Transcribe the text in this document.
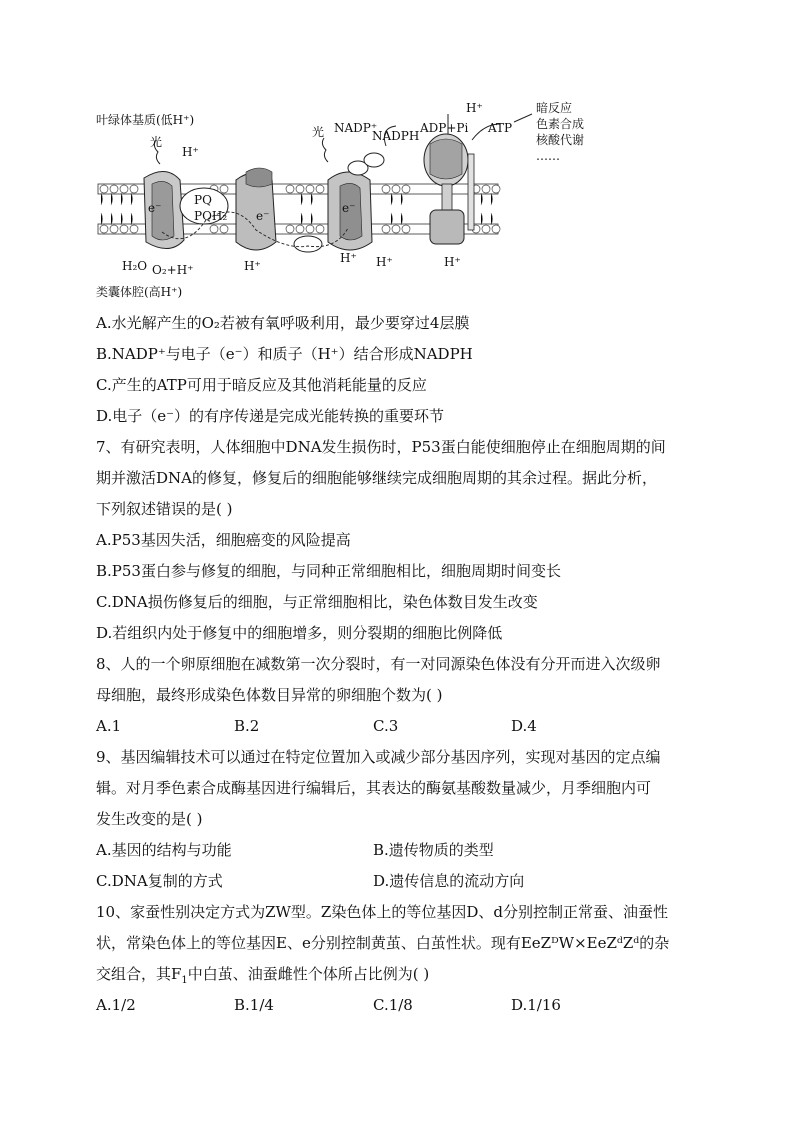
叶绿体基质(低H⁺)
光
光
H⁺
H⁺
PQ
PQH₂
e⁻
e⁻
e⁻
NADP⁺
NADPH
ADP+Pi ATP
H₂O O₂+H⁺	H⁺
H⁺ H⁺	H⁺
类囊体腔(高H⁺)
暗反应
色素合成
核酸代谢
……
A.水光解产生的O₂若被有氧呼吸利用，最少要穿过4层膜
B.NADP⁺与电子（e⁻）和质子（H⁺）结合形成NADPH
C.产生的ATP可用于暗反应及其他消耗能量的反应
D.电子（e⁻）的有序传递是完成光能转换的重要环节
7、有研究表明，人体细胞中DNA发生损伤时，P53蛋白能使细胞停止在细胞周期的间
期并激活DNA的修复，修复后的细胞能够继续完成细胞周期的其余过程。据此分析，
下列叙述错误的是( )
A.P53基因失活，细胞癌变的风险提高
B.P53蛋白参与修复的细胞，与同种正常细胞相比，细胞周期时间变长
C.DNA损伤修复后的细胞，与正常细胞相比，染色体数目发生改变
D.若组织内处于修复中的细胞增多，则分裂期的细胞比例降低
8、人的一个卵原细胞在减数第一次分裂时，有一对同源染色体没有分开而进入次级卵
母细胞，最终形成染色体数目异常的卵细胞个数为( )
A.1	B.2	C.3	D.4
9、基因编辑技术可以通过在特定位置加入或减少部分基因序列，实现对基因的定点编
辑。对月季色素合成酶基因进行编辑后，其表达的酶氨基酸数量减少，月季细胞内可
发生改变的是( )
A.基因的结构与功能	B.遗传物质的类型
C.DNA复制的方式	D.遗传信息的流动方向
10、家蚕性别决定方式为ZW型。Z染色体上的等位基因D、d分别控制正常蚕、油蚕性
状，常染色体上的等位基因E、e分别控制黄茧、白茧性状。现有EeZᴰW×EeZᵈZᵈ的杂
交组合，其$F_1$中白茧、油蚕雌性个体所占比例为( )
A.1/2	B.1/4	C.1/8	D.1/16
